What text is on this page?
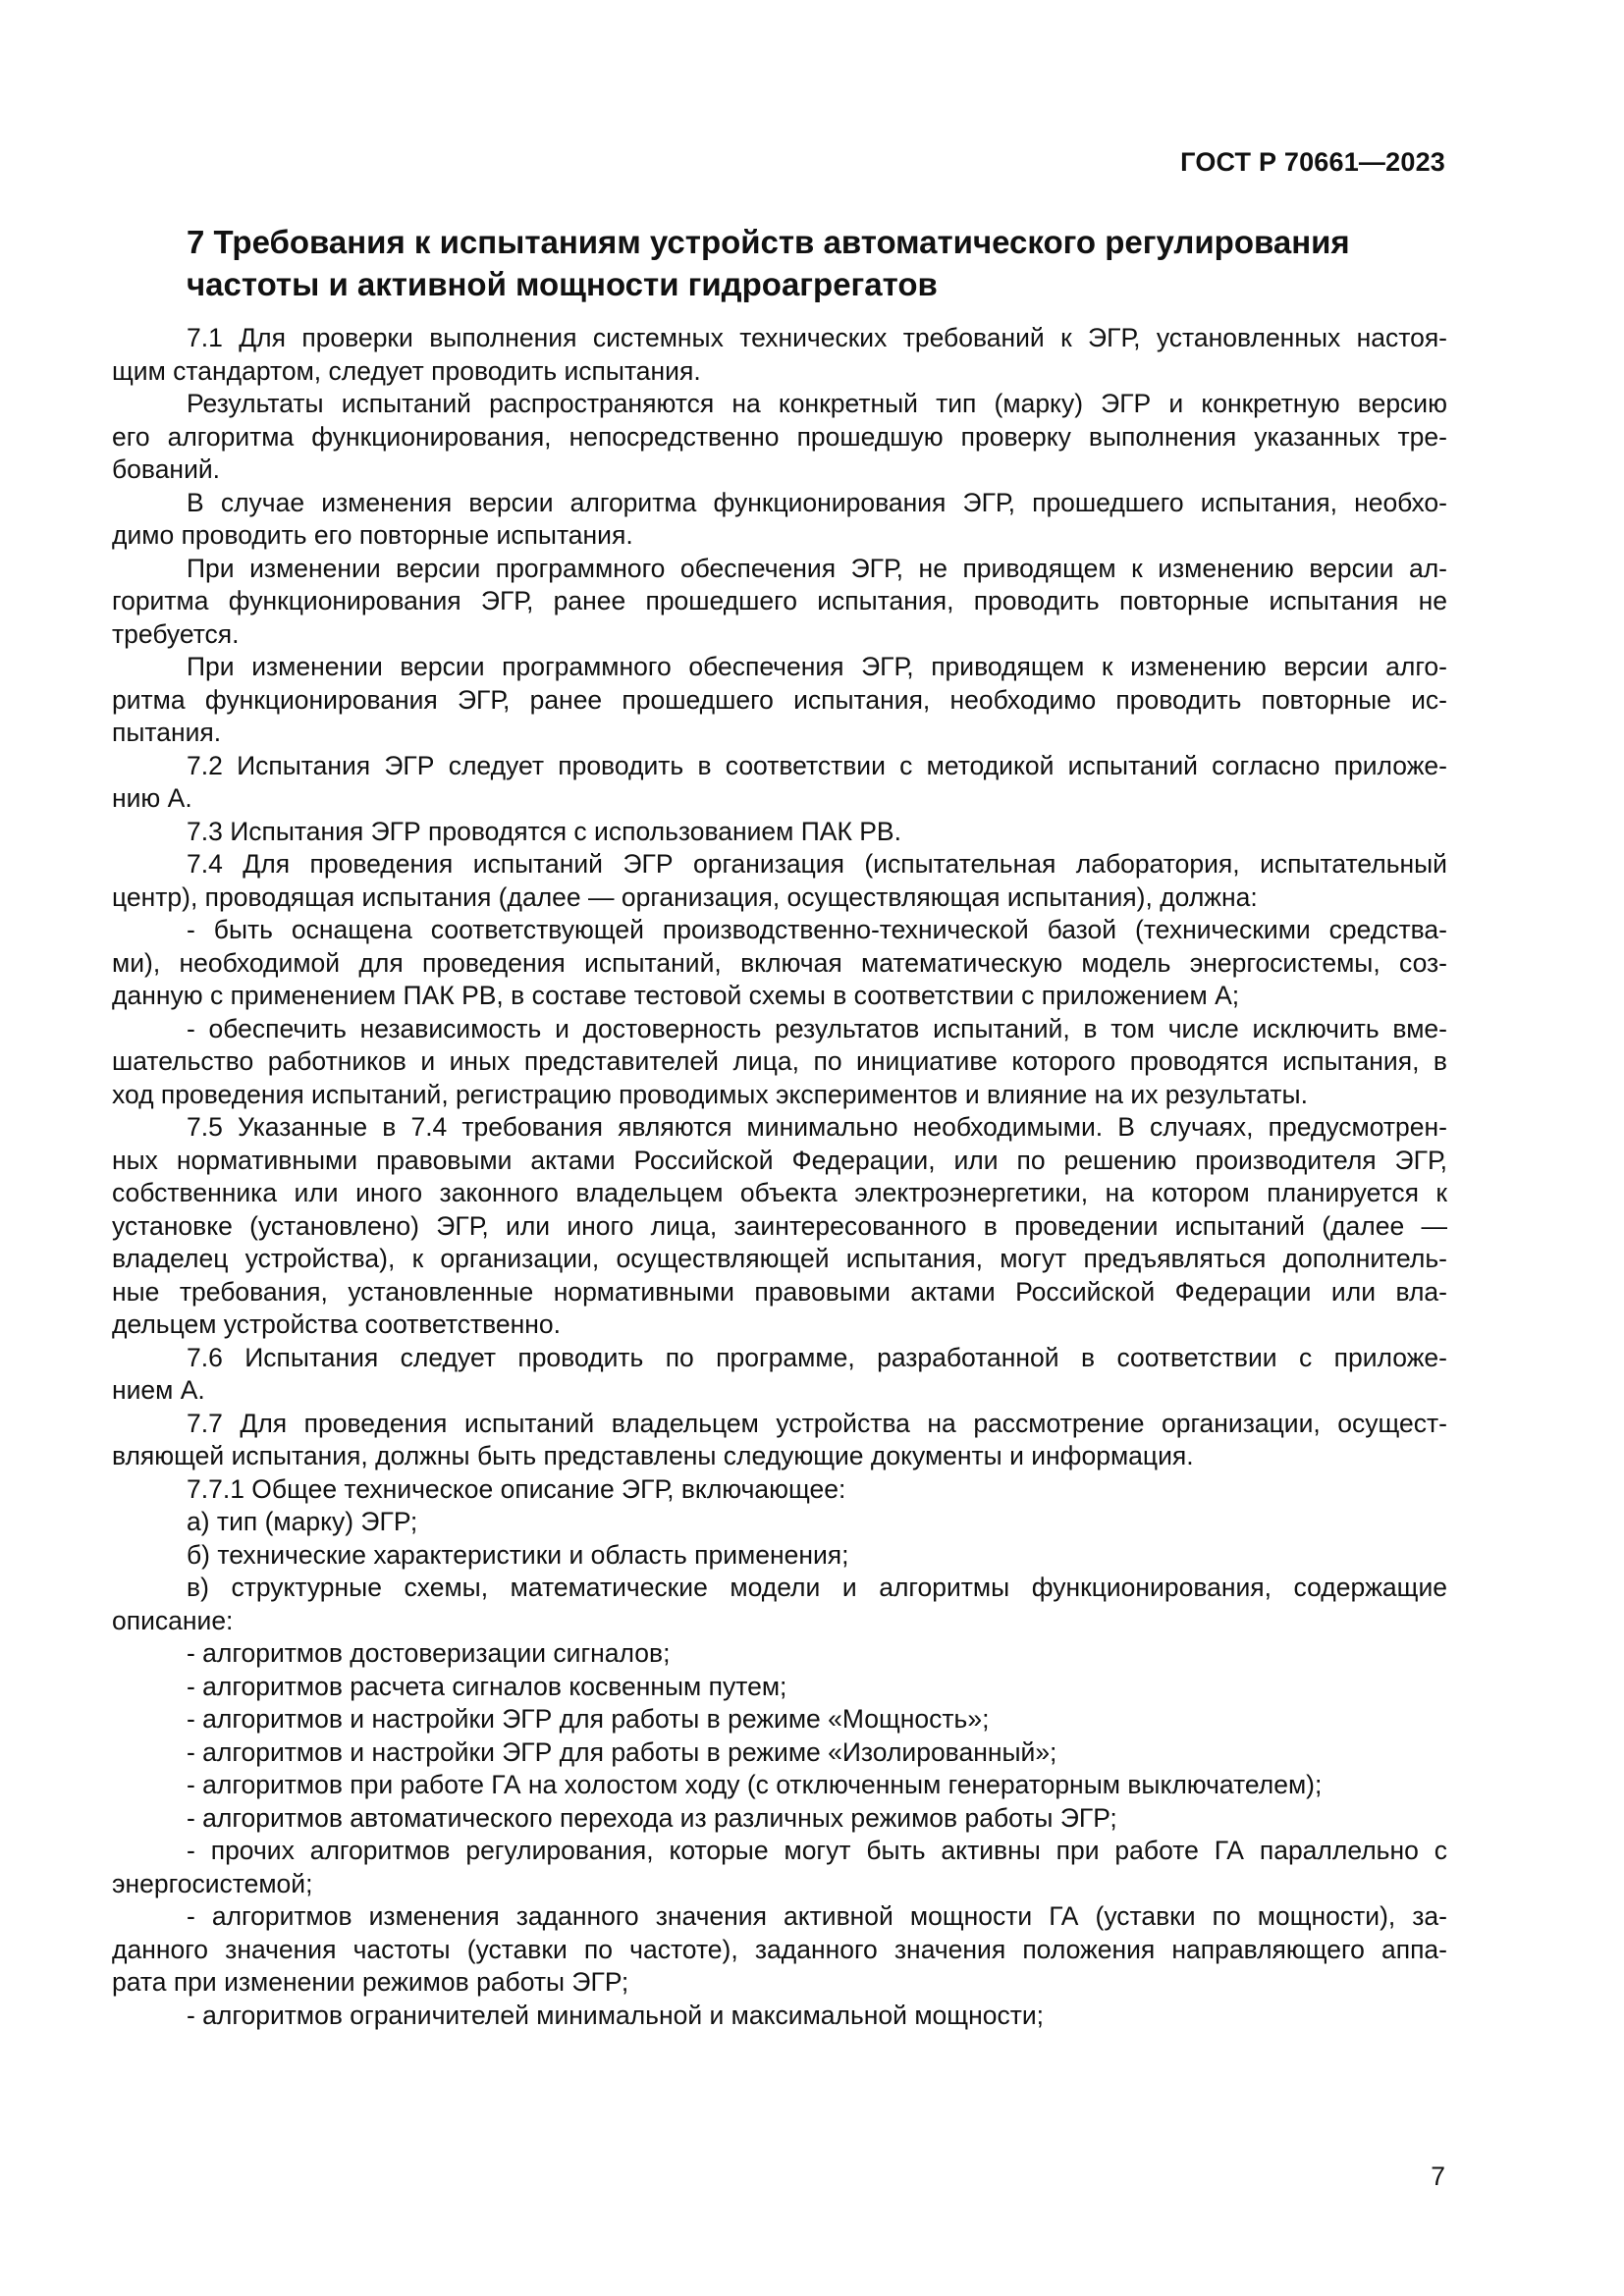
ГОСТ Р 70661—2023
7 Требования к испытаниям устройств автоматического регулирования
частоты и активной мощности гидроагрегатов
7.1 Для проверки выполнения системных технических требований к ЭГР, установленных настоя-
щим стандартом, следует проводить испытания.
Результаты испытаний распространяются на конкретный тип (марку) ЭГР и конкретную версию
его алгоритма функционирования, непосредственно прошедшую проверку выполнения указанных тре-
бований.
В случае изменения версии алгоритма функционирования ЭГР, прошедшего испытания, необхо-
димо проводить его повторные испытания.
При изменении версии программного обеспечения ЭГР, не приводящем к изменению версии ал-
горитма функционирования ЭГР, ранее прошедшего испытания, проводить повторные испытания не
требуется.
При изменении версии программного обеспечения ЭГР, приводящем к изменению версии алго-
ритма функционирования ЭГР, ранее прошедшего испытания, необходимо проводить повторные ис-
пытания.
7.2 Испытания ЭГР следует проводить в соответствии с методикой испытаний согласно приложе-
нию А.
7.3 Испытания ЭГР проводятся с использованием ПАК РВ.
7.4 Для проведения испытаний ЭГР организация (испытательная лаборатория, испытательный
центр), проводящая испытания (далее — организация, осуществляющая испытания), должна:
- быть оснащена соответствующей производственно-технической базой (техническими средства-
ми), необходимой для проведения испытаний, включая математическую модель энергосистемы, соз-
данную с применением ПАК РВ, в составе тестовой схемы в соответствии с приложением А;
- обеспечить независимость и достоверность результатов испытаний, в том числе исключить вме-
шательство работников и иных представителей лица, по инициативе которого проводятся испытания, в
ход проведения испытаний, регистрацию проводимых экспериментов и влияние на их результаты.
7.5 Указанные в 7.4 требования являются минимально необходимыми. В случаях, предусмотрен-
ных нормативными правовыми актами Российской Федерации, или по решению производителя ЭГР,
собственника или иного законного владельцем объекта электроэнергетики, на котором планируется к
установке (установлено) ЭГР, или иного лица, заинтересованного в проведении испытаний (далее —
владелец устройства), к организации, осуществляющей испытания, могут предъявляться дополнитель-
ные требования, установленные нормативными правовыми актами Российской Федерации или вла-
дельцем устройства соответственно.
7.6 Испытания следует проводить по программе, разработанной в соответствии с приложе-
нием А.
7.7 Для проведения испытаний владельцем устройства на рассмотрение организации, осущест-
вляющей испытания, должны быть представлены следующие документы и информация.
7.7.1 Общее техническое описание ЭГР, включающее:
а) тип (марку) ЭГР;
б) технические характеристики и область применения;
в) структурные схемы, математические модели и алгоритмы функционирования, содержащие
описание:
- алгоритмов достоверизации сигналов;
- алгоритмов расчета сигналов косвенным путем;
- алгоритмов и настройки ЭГР для работы в режиме «Мощность»;
- алгоритмов и настройки ЭГР для работы в режиме «Изолированный»;
- алгоритмов при работе ГА на холостом ходу (с отключенным генераторным выключателем);
- алгоритмов автоматического перехода из различных режимов работы ЭГР;
- прочих алгоритмов регулирования, которые могут быть активны при работе ГА параллельно с
энергосистемой;
- алгоритмов изменения заданного значения активной мощности ГА (уставки по мощности), за-
данного значения частоты (уставки по частоте), заданного значения положения направляющего аппа-
рата при изменении режимов работы ЭГР;
- алгоритмов ограничителей минимальной и максимальной мощности;
7
